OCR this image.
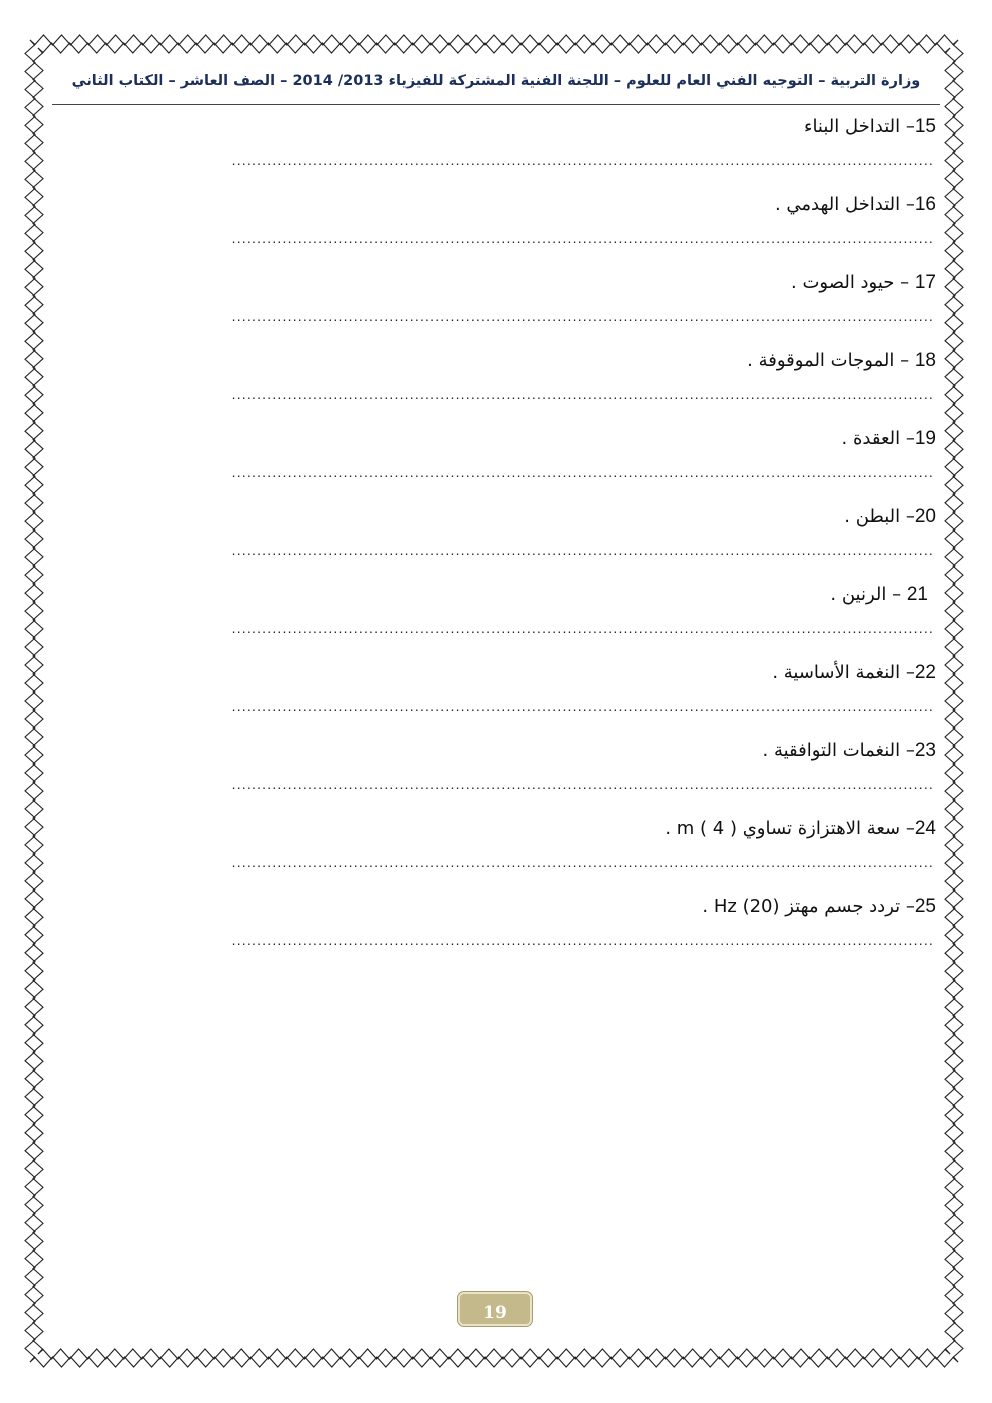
وزارة التربية – التوجيه الفني العام للعلوم – اللجنة الفنية المشتركة للفيزياء 2013/ 2014 – الصف العاشر – الكتاب الثاني
15– التداخل البناء
..........................................................................................................................................
16– التداخل الهدمي .
..........................................................................................................................................
17 – حيود الصوت .
..........................................................................................................................................
18 – الموجات الموقوفة .
..........................................................................................................................................
19– العقدة .
..........................................................................................................................................
20– البطن .
..........................................................................................................................................
21 – الرنين .
..........................................................................................................................................
22– النغمة الأساسية .
..........................................................................................................................................
23– النغمات التوافقية .
..........................................................................................................................................
24– سعة الاهتزازة تساوي m ( 4 ) .
..........................................................................................................................................
25– تردد جسم مهتز Hz (20) .
..........................................................................................................................................
19
